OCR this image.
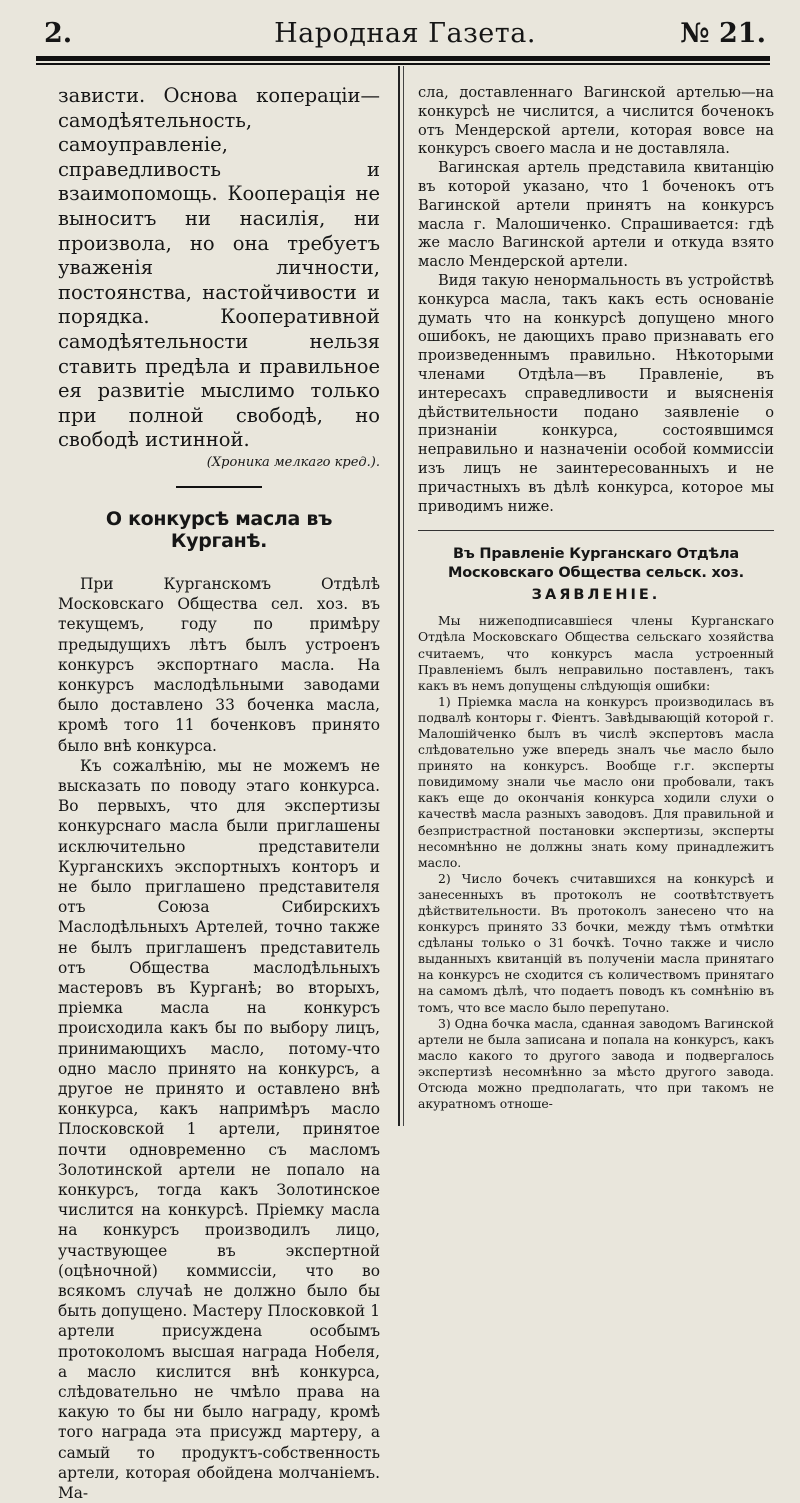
2.	Народная Газета.	№ 21.

зависти. Основа копераціи—самодѣятельность, самоуправленіе, справедливость и взаимопомощь. Кооперація не выноситъ ни насилія, ни произвола, но она требуетъ уваженія личности, постоянства, настойчивости и порядка. Кооперативной самодѣятельности нельзя ставить предѣла и правильное ея развитіе мыслимо только при полной свободѣ, но свободѣ истинной.

(Хроника мелкаго кред.).

О конкурсѣ масла въ Курганѣ.

При Курганскомъ Отдѣлѣ Московскаго Общества сел. хоз. въ текущемъ, году по примѣру предыдущихъ лѣтъ былъ устроенъ конкурсъ экспортнаго масла. На конкурсъ маслодѣльными заводами было доставлено 33 боченка масла, кромѣ того 11 боченковъ принято было внѣ конкурса.

Къ сожалѣнію, мы не можемъ не высказать по поводу этаго конкурса. Во первыхъ, что для экспертизы конкурснаго масла были приглашены исключительно представители Курганскихъ экспортныхъ конторъ и не было приглашено представителя отъ Союза Сибирскихъ Маслодѣльныхъ Артелей, точно также не былъ приглашенъ представитель отъ Общества маслодѣльныхъ мастеровъ въ Курганѣ; во вторыхъ, пріемка масла на конкурсъ происходила какъ бы по выбору лицъ, принимающихъ масло, потому-что одно масло принято на конкурсъ, а другое не принято и оставлено внѣ конкурса, какъ напримѣръ масло Плосковской 1 артели, принятое почти одновременно съ масломъ Золотинской артели не попало на конкурсъ, тогда какъ Золотинское числится на конкурсѣ. Пріемку масла на конкурсъ производилъ лицо, участвующее въ экспертной (оцѣночной) коммиссіи, что во всякомъ случаѣ не должно было бы быть допущено. Мастеру Плосковкой 1 артели присуждена особымъ протоколомъ высшая награда Нобеля, а масло кислится внѣ конкурса, слѣдовательно не чмѣло права на какую то бы ни было награду, кромѣ того награда эта присужд мартеру, а самый то продуктъ-собственность артели, которая обойдена молчаніемъ. Ма-

сла, доставленнаго Вагинской артелью—на конкурсѣ не числится, а числится боченокъ отъ Мендерской артели, которая вовсе на конкурсъ своего масла и не доставляла.

Вагинская артель представила квитанцію въ которой указано, что 1 боченокъ отъ Вагинской артели принятъ на конкурсъ масла г. Малошиченко. Спрашивается: гдѣ же масло Вагинской артели и откуда взято масло Мендерской артели.

Видя такую ненормальность въ устройствѣ конкурса масла, такъ какъ есть основаніе думать что на конкурсѣ допущено много ошибокъ, не дающихъ право признавать его произведеннымъ правильно. Нѣкоторыми членами Отдѣла—въ Правленіе, въ интересахъ справедливости и выясненія дѣйствительности подано заявленіе о признаніи конкурса, состоявшимся неправильно и назначеніи особой коммиссіи изъ лицъ не заинтересованныхъ и не причастныхъ въ дѣлѣ конкурса, которое мы приводимъ ниже.

Въ Правленіе Курганскаго Отдѣла Московскаго Общества сельск. хоз.
ЗАЯВЛЕНІЕ.

Мы нижеподписавшіеся члены Курганскаго Отдѣла Московскаго Общества сельскаго хозяйства считаемъ, что конкурсъ масла устроенный Правленіемъ былъ неправильно поставленъ, такъ какъ въ немъ допущены слѣдующія ошибки:

1) Пріемка масла на конкурсъ производилась въ подвалѣ конторы г. Фіентъ. Завѣдывающій которой г. Малошійченко былъ въ числѣ экспертовъ масла слѣдовательно уже впередь зналъ чье масло было принято на конкурсъ. Вообще г.г. эксперты повидимому знали чье масло они пробовали, такъ какъ еще до окончанія конкурса ходили слухи о качествѣ масла разныхъ заводовъ. Для правильной и безпристрастной постановки экспертизы, эксперты несомнѣнно не должны знать кому принадлежитъ масло.

2) Число бочекъ считавшихся на конкурсѣ и занесенныхъ въ протоколъ не соотвѣтствуетъ дѣйствительности. Въ протоколъ занесено что на конкурсъ принято 33 бочки, между тѣмъ отмѣтки сдѣланы только о 31 бочкѣ. Точно также и число выданныхъ квитанцій въ полученіи масла принятаго на конкурсъ не сходится съ количествомъ принятаго на самомъ дѣлѣ, что подаетъ поводъ къ сомнѣнію въ томъ, что все масло было перепутано.

3) Одна бочка масла, сданная заводомъ Вагинской артели не была записана и попала на конкурсъ, какъ масло какого то другого завода и подвергалось экспертизѣ несомнѣнно за мѣсто другого завода. Отсюда можно предполагать, что при такомъ не акуратномъ отноше-
